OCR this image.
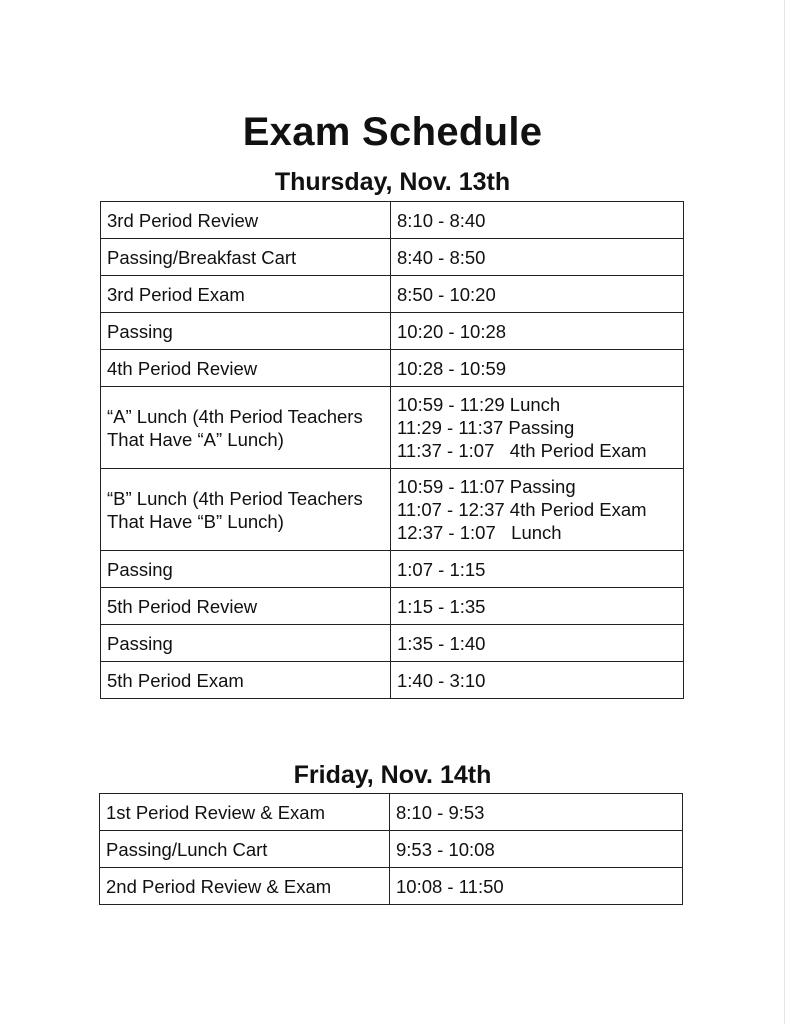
Exam Schedule
Thursday, Nov. 13th
3rd Period Review	8:10 - 8:40

Passing/Breakfast Cart	8:40 - 8:50

3rd Period Exam	8:50 - 10:20

Passing	10:20 - 10:28

4th Period Review	10:28 - 10:59

“A” Lunch (4th Period Teachers
That Have “A” Lunch)	10:59 - 11:29 Lunch
11:29 - 11:37 Passing
11:37 - 1:07   4th Period Exam

“B” Lunch (4th Period Teachers
That Have “B” Lunch)	10:59 - 11:07 Passing
11:07 - 12:37 4th Period Exam
12:37 - 1:07   Lunch

Passing	1:07 - 1:15

5th Period Review	1:15 - 1:35

Passing	1:35 - 1:40

5th Period Exam	1:40 - 3:10
Friday, Nov. 14th
1st Period Review & Exam	8:10 - 9:53

Passing/Lunch Cart	9:53 - 10:08

2nd Period Review & Exam	10:08 - 11:50
